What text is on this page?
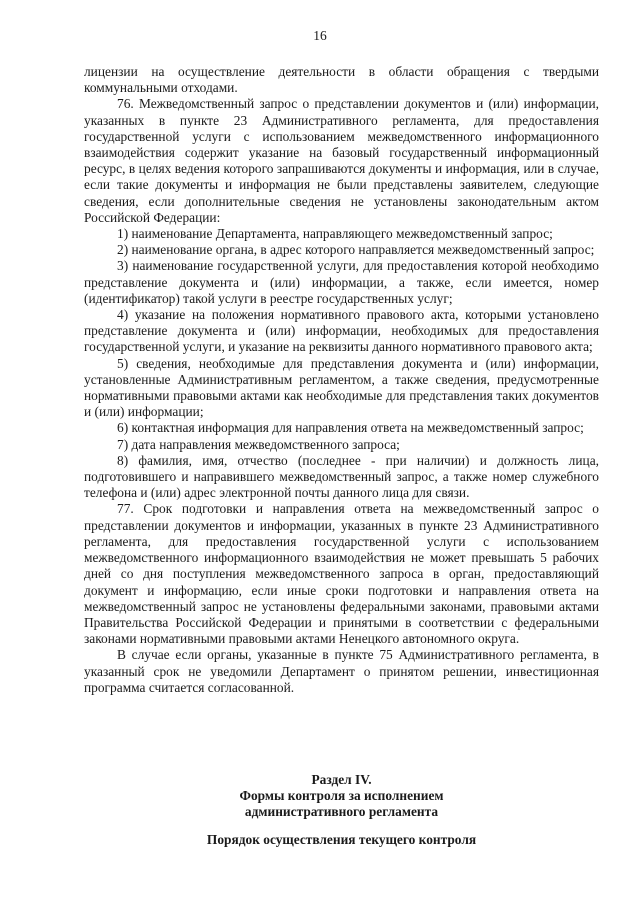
16

лицензии на осуществление деятельности в области обращения с твердыми коммунальными отходами.

76. Межведомственный запрос о представлении документов и (или) информации, указанных в пункте 23 Административного регламента, для предоставления государственной услуги с использованием межведомственного информационного взаимодействия содержит указание на базовый государственный информационный ресурс, в целях ведения которого запрашиваются документы и информация, или в случае, если такие документы и информация не были представлены заявителем, следующие сведения, если дополнительные сведения не установлены законодательным актом Российской Федерации:

1) наименование Департамента, направляющего межведомственный запрос;

2) наименование органа, в адрес которого направляется межведомственный запрос;

3) наименование государственной услуги, для предоставления которой необходимо представление документа и (или) информации, а также, если имеется, номер (идентификатор) такой услуги в реестре государственных услуг;

4) указание на положения нормативного правового акта, которыми установлено представление документа и (или) информации, необходимых для предоставления государственной услуги, и указание на реквизиты данного нормативного правового акта;

5) сведения, необходимые для представления документа и (или) информации, установленные Административным регламентом, а также сведения, предусмотренные нормативными правовыми актами как необходимые для представления таких документов и (или) информации;

6) контактная информация для направления ответа на межведомственный запрос;

7) дата направления межведомственного запроса;

8) фамилия, имя, отчество (последнее - при наличии) и должность лица, подготовившего и направившего межведомственный запрос, а также номер служебного телефона и (или) адрес электронной почты данного лица для связи.

77. Срок подготовки и направления ответа на межведомственный запрос о представлении документов и информации, указанных в пункте 23 Административного регламента, для предоставления государственной услуги с использованием межведомственного информационного взаимодействия не может превышать 5 рабочих дней со дня поступления межведомственного запроса в орган, предоставляющий документ и информацию, если иные сроки подготовки и направления ответа на межведомственный запрос не установлены федеральными законами, правовыми актами Правительства Российской Федерации и принятыми в соответствии с федеральными законами нормативными правовыми актами Ненецкого автономного округа.

В случае если органы, указанные в пункте 75 Административного регламента, в указанный срок не уведомили Департамент о принятом решении, инвестиционная программа считается согласованной.

Раздел IV.
Формы контроля за исполнением
административного регламента
Порядок осуществления текущего контроля
